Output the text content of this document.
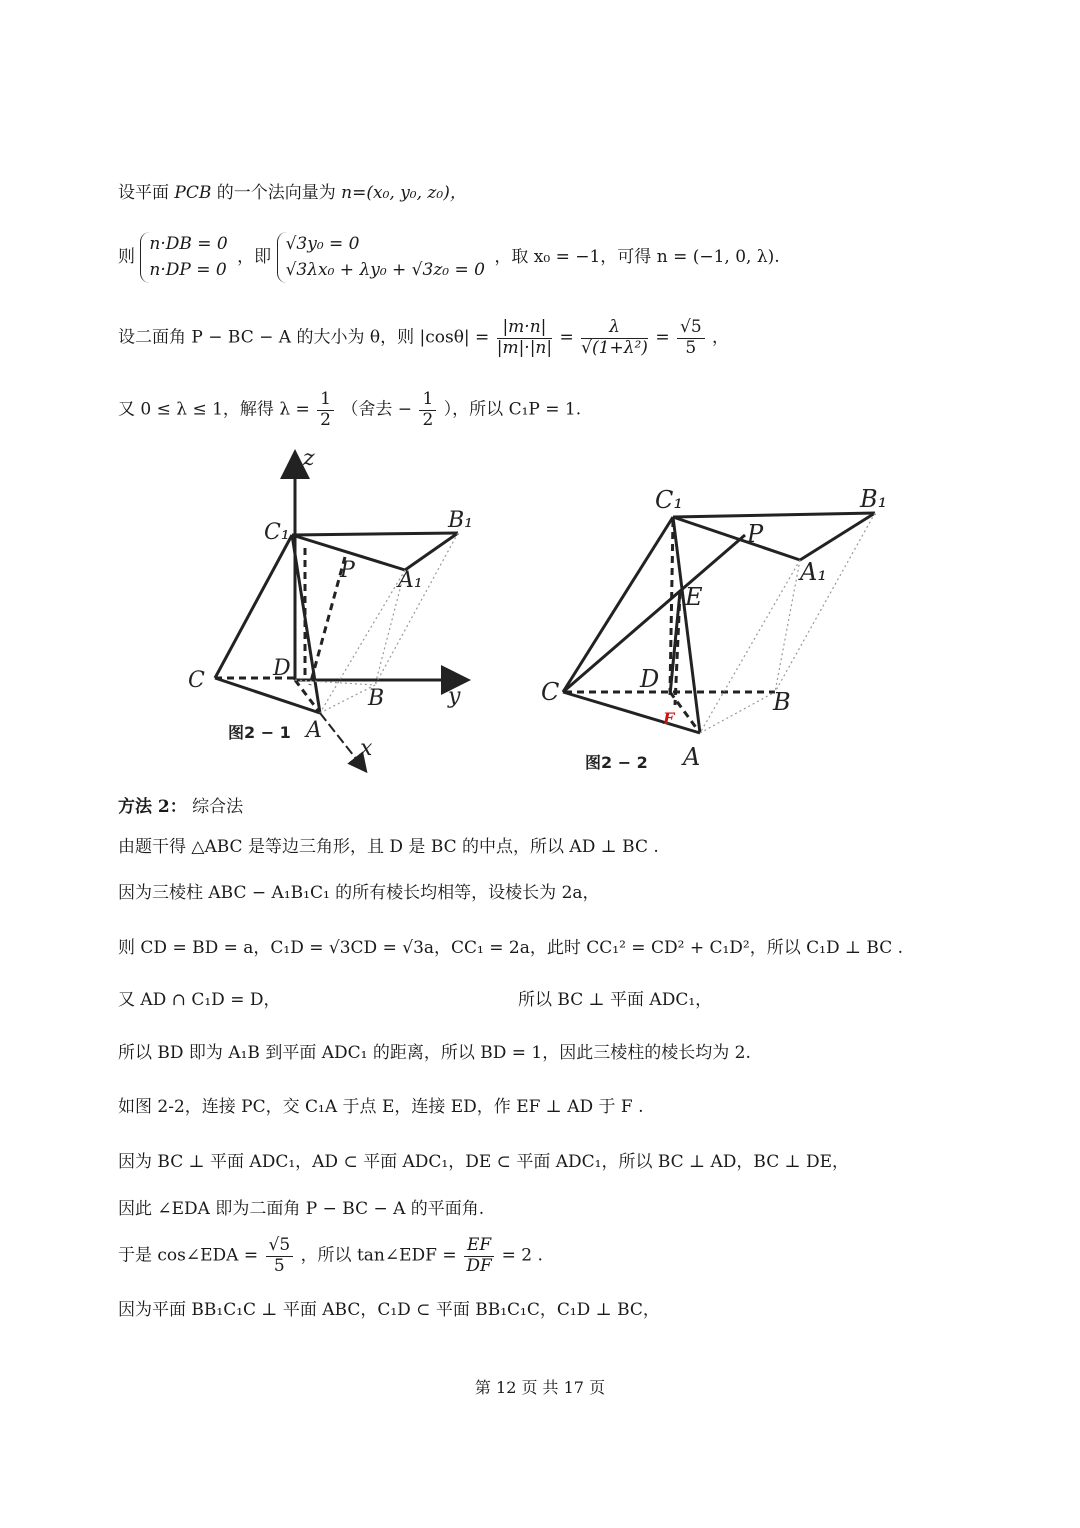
设平面 PCB 的一个法向量为 n=(x₀, y₀, z₀)，
则
n·DB = 0
n·DP = 0
，即
√3y₀ = 0
√3λx₀ + λy₀ + √3z₀ = 0
，取 x₀ = −1，可得 n = (−1, 0, λ).
设二面角 P − BC − A 的大小为 θ，则 $|\cos\theta| = \frac{|m\cdot n|}{|m|\cdot|n|} = \frac{\lambda}{\text{√(1+λ²)}} = \frac{√5}{5}$ ，
又 0 ≤ λ ≤ 1，解得 $\lambda = \frac{1}{2}$ （舍去 − $\frac{1}{2}$ ），所以 C₁P = 1.
z
C₁	B₁
P A₁
C	D
B	y
A
x
图2 − 1
C₁	B₁
P
A₁
E
C	D
B
A
F
图2 − 2
方法 2： 综合法
由题干得 △ABC 是等边三角形，且 D 是 BC 的中点，所以 AD ⊥ BC .
因为三棱柱 ABC − A₁B₁C₁ 的所有棱长均相等，设棱长为 2a，
则 CD = BD = a，C₁D = √3CD = √3a，CC₁ = 2a，此时 CC₁² = CD² + C₁D²，所以 C₁D ⊥ BC .
又 AD ∩ C₁D = D，	所以 BC ⊥ 平面 ADC₁，
所以 BD 即为 A₁B 到平面 ADC₁ 的距离，所以 BD = 1，因此三棱柱的棱长均为 2.
如图 2-2，连接 PC，交 C₁A 于点 E，连接 ED，作 EF ⊥ AD 于 F .
因为 BC ⊥ 平面 ADC₁，AD ⊂ 平面 ADC₁，DE ⊂ 平面 ADC₁，所以 BC ⊥ AD，BC ⊥ DE，
因此 ∠EDA 即为二面角 P − BC − A 的平面角.
于是 cos∠EDA = $\frac{√5}{5}$ ，所以 tan∠EDF = $\frac{EF}{DF} = 2$ .
因为平面 BB₁C₁C ⊥ 平面 ABC，C₁D ⊂ 平面 BB₁C₁C，C₁D ⊥ BC，
第 12 页 共 17 页
